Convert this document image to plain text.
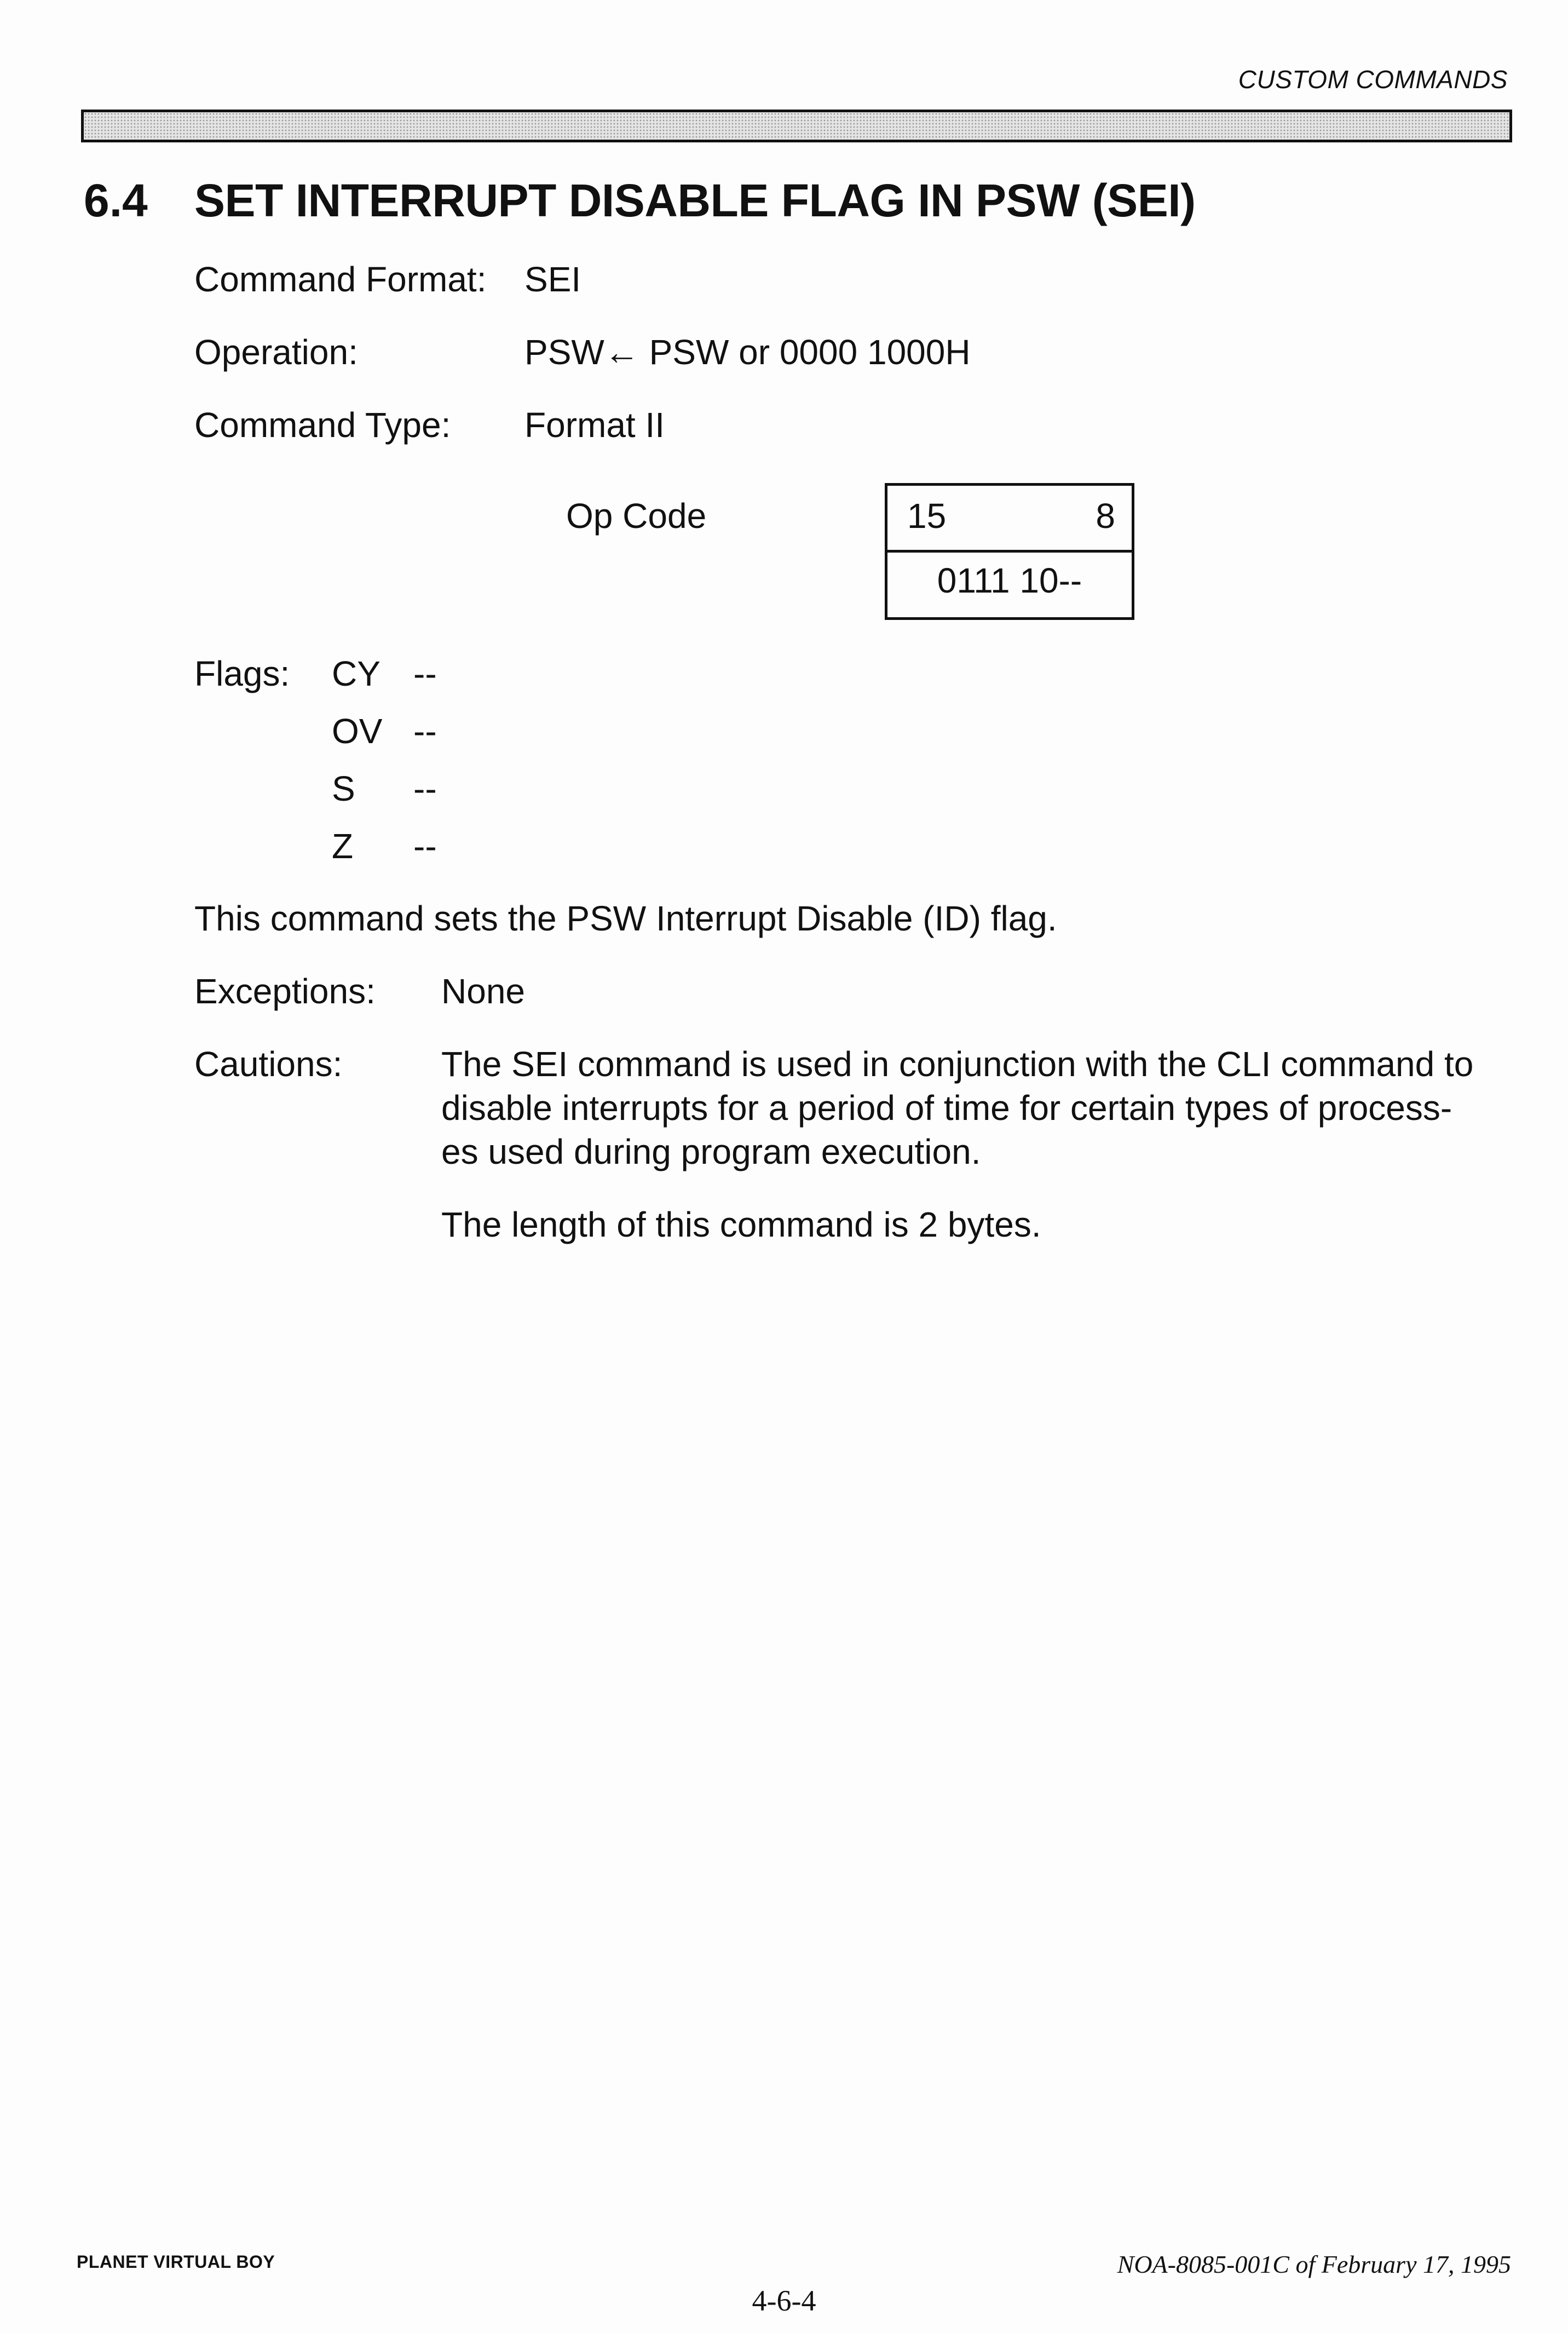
CUSTOM COMMANDS
6.4 SET INTERRUPT DISABLE FLAG IN PSW (SEI)
Command Format: SEI
Operation:	PSW← PSW or 0000 1000H
Command Type: Format II
Op Code	15	8
0111 10--
Flags: CY --
OV --
S --
Z --
This command sets the PSW Interrupt Disable (ID) flag.
Exceptions: None
Cautions:	The SEI command is used in conjunction with the CLI command to
disable interrupts for a period of time for certain types of process-
es used during program execution.
The length of this command is 2 bytes.
PLANET VIRTUAL BOY	NOA-8085-001C of February 17, 1995
4-6-4
